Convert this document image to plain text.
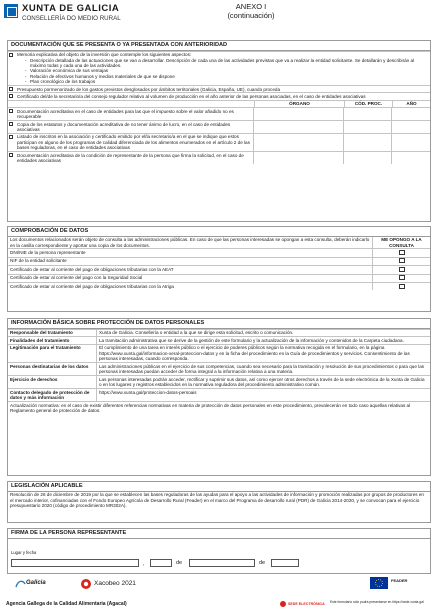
XUNTA DE GALICIA
CONSELLERÍA DO MEDIO RURAL
ANEXO I
(continuación)
DOCUMENTACIÓN QUE SE PRESENTA O YA PRESENTADA CON ANTERIORIDAD
Memoria explicativa del objeto de la inversión que contemple los siguientes aspectos:
- Descripción detallada de las actuaciones que se van a desarrollar. Descripción de cada una de las actividades previstas que va a realizar la entidad solicitante. Se detallarán y describirán al máximo todas y cada una de las actividades.
- Valoración económica de sus ventajas
- Relación de efectivos humanos y medios materiales de que se dispone
- Plan cronológico de los trabajos
Presupuesto pormenorizado de los gastos previstos desglosados por ámbitos territoriales (Galicia, España, UE), cuando proceda
Certificado del/de la secretario/a del consejo regulador relativo al volumen de producción en el año anterior de las personas asociadas, en el caso de entidades asociativas
ÓRGANO	CÓD. PROC.	AÑO
Documentación acreditativa en el caso de entidades para las que el impuesto sobre el valor añadido no es recuperable
Copia de los estatutos y documentación acreditativa de no tener ánimo de lucro, en el caso de entidades asociativas
Listado de inscritos en la asociación y certificado emitido por el/la secretario/a en el que se indique que estos participan en alguno de los programas de calidad diferenciada de los alimentos enumerados en el artículo 2 de las bases reguladoras, en el caso de entidades asociativas
Documentación acreditativa de la condición de representante de la persona que firma la solicitud, en el caso de entidades asociativas
COMPROBACIÓN DE DATOS
Los documentos relacionados serán objeto de consulta a las administraciones públicas. En caso de que las personas interesadas se opongan a esta consulta, deberán indicarlo en la casilla correspondiente y aportar una copia de los documentos.
ME OPONGO A LA CONSULTA
DNI/NIE de la persona representante
NIF de la entidad solicitante
Certificado de estar al corriente del pago de obligaciones tributarias con la AEAT
Certificado de estar al corriente del pago con la Seguridad Social
Certificado de estar al corriente del pago de obligaciones tributarias con la Atriga
INFORMACIÓN BÁSICA SOBRE PROTECCIÓN DE DATOS PERSONALES
Responsable del tratamiento	Xunta de Galicia. Consellería o entidad a la que se dirige esta solicitud, escrito o comunicación.
Finalidades del tratamiento	La tramitación administrativa que se derive de la gestión de este formulario y la actualización de la información y contenidos de la Carpeta ciudadana.
Legitimación para el tratamiento	El cumplimiento de una tarea en interés público o el ejercicio de poderes públicos según la normativa recogida en el formulario, en la página https://www.xunta.gal/informacion-xeral-proteccion-datos y en la ficha del procedimiento en la Guía de procedimientos y servicios. Consentimiento de las personas interesadas, cuando corresponda.
Personas destinatarias de los datos	Las administraciones públicas en el ejercicio de sus competencias, cuando sea necesario para la tramitación y resolución de sus procedimientos o para que las personas interesadas puedan acceder de forma integral a la información relativa a una materia.
Ejercicio de derechos	Las personas interesadas podrán acceder, rectificar y suprimir sus datos, así como ejercer otros derechos a través de la sede electrónica de la Xunta de Galicia o en los lugares y registros establecidos en la normativa reguladora del procedimiento administrativo común.
Contacto delegado de protección de datos y más información
https://www.xunta.gal/proteccion-datos-persoais
Actualización normativa: en el caso de existir diferentes referencias normativas en materia de protección de datos personales en este procedimiento, prevalecerán en todo caso aquellas relativas al Reglamento general de protección de datos.
LEGISLACIÓN APLICABLE
Resolución de 26 de diciembre de 2019 por la que se establecen las bases reguladoras de las ayudas para el apoyo a las actividades de información y promoción realizadas por grupos de productores en el mercado interior, cofinanciadas con el Fondo Europeo Agrícola de Desarrollo Rural (Feader) en el marco del Programa de desarrollo rural (PDR) de Galicia 2014-2020, y se convocan para el ejercicio presupuestario 2020 (código de procedimiento MR302A).
FIRMA DE LA PERSONA REPRESENTANTE
Lugar y fecha
,	de	de
Galicia	Xacobeo 2021	FEADER
Agencia Gallega de la Calidad Alimentaria (Agacal)	SEDE ELECTRÓNICA Este formulario sólo podrá presentarse en https://sede.xunta.gal
